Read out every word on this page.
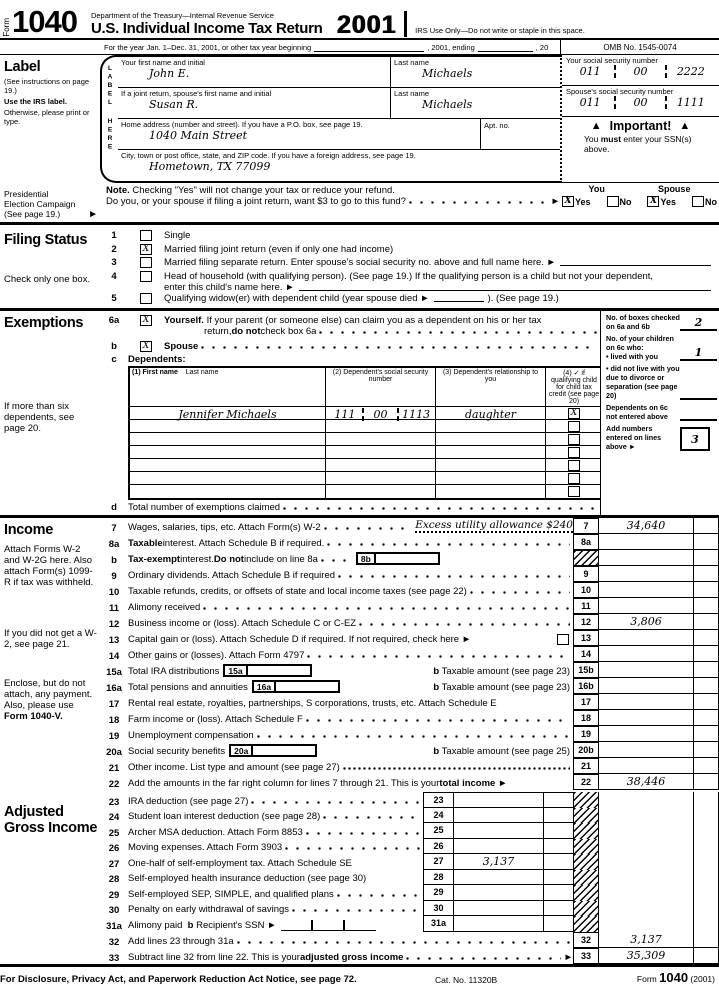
Form 1040 Department of the Treasury—Internal Revenue Service
U.S. Individual Income Tax Return 2001	IRS Use Only—Do not write or staple in this space.
For the year Jan. 1–Dec. 31, 2001, or other tax year beginning	, 2001, ending	, 20	OMB No. 1545-0074
Label
(See instructions on page 19.)
Use the IRS label.
Otherwise, please print or type.
LABEL
HERE
Your first name and initial
John E.
Last name
Michaels
If a joint return, spouse's first name and initial
Susan R.
Last name
Michaels
Home address (number and street). If you have a P.O. box, see page 19.
1040 Main Street
Apt. no.
City, town or post office, state, and ZIP code. If you have a foreign address, see page 19.
Hometown, TX 77099
Your social security number
011	00	2222
Spouse's social security number
011	00	1111
▲ Important! ▲
You must enter your SSN(s) above.
Presidential
Election Campaign
(See page 19.)	►
Note. Checking "Yes" will not change your tax or reduce your refund.
Do you, or your spouse if filing a joint return, want $3 to go to this fund?	►
You	Spouse
X Yes	No X Yes	No
Filing Status
Check only one box.
1	Single
2	X Married filing joint return (even if only one had income)
3	Married filing separate return. Enter spouse's social security no. above and full name here. ►
4	Head of household (with qualifying person). (See page 19.) If the qualifying person is a child but not your dependent,
enter this child's name here. ►
5	Qualifying widow(er) with dependent child (year spouse died ►	). (See page 19.)
Exemptions
If more than six dependents, see page 20.
6a	X Yourself. If your parent (or someone else) can claim you as a dependent on his or her tax
return, do not check box 6a
b	X Spouse
c	Dependents:
(1) First name Last name	(2) Dependent's social security number
(3) Dependent's relationship to you
(4) ✓ if qualifying child for child tax credit (see page 20)
Jennifer Michaels	111	00	1113	daughter	X
d	Total number of exemptions claimed
No. of boxes checked on 6a and 6b	2
No. of your children on 6c who:
• lived with you	1
• did not live with you due to divorce or separation (see page 20)
Dependents on 6c not entered above
Add numbers entered on lines above ►
3
Income
Attach Forms W-2 and W-2G here. Also attach Form(s) 1099-R if tax was withheld.
If you did not get a W-2, see page 21.
Enclose, but do not attach, any payment. Also, please use Form 1040-V.
7	Wages, salaries, tips, etc. Attach Form(s) W-2	Excess utility allowance $240	7	34,640
8a Taxable interest. Attach Schedule B if required.	8a
b	Tax-exempt interest. Do not include on line 8a	8b
9	Ordinary dividends. Attach Schedule B if required	9
10 Taxable refunds, credits, or offsets of state and local income taxes (see page 22)	10
11 Alimony received	11
12 Business income or (loss). Attach Schedule C or C-EZ	12	3,806
13 Capital gain or (loss). Attach Schedule D if required. If not required, check here ►	13
14 Other gains or (losses). Attach Form 4797	14
15a Total IRA distributions	15a	b Taxable amount (see page 23) 15b
16a Total pensions and annuities	16a	b Taxable amount (see page 23) 16b
17 Rental real estate, royalties, partnerships, S corporations, trusts, etc. Attach Schedule E	17
18 Farm income or (loss). Attach Schedule F	18
19 Unemployment compensation	19
20a Social security benefits	20a	b Taxable amount (see page 25) 20b
21 Other income. List type and amount (see page 27)	21
22 Add the amounts in the far right column for lines 7 through 21. This is your total income
►	22	38,446
Adjusted Gross Income
23 IRA deduction (see page 27)	23
24 Student loan interest deduction (see page 28)	24
25 Archer MSA deduction. Attach Form 8853	25
26 Moving expenses. Attach Form 3903	26
27 One-half of self-employment tax. Attach Schedule SE	27	3,137
28 Self-employed health insurance deduction (see page 30)	28
29 Self-employed SEP, SIMPLE, and qualified plans	29
30 Penalty on early withdrawal of savings	30
31a Alimony paid
b Recipient's SSN ►	31a
32 Add lines 23 through 31a	32	3,137
33 Subtract line 32 from line 22. This is your adjusted gross income	► 33	35,309
For Disclosure, Privacy Act, and Paperwork Reduction Act Notice, see page 72.	Cat. No. 11320B	Form 1040 (2001)
